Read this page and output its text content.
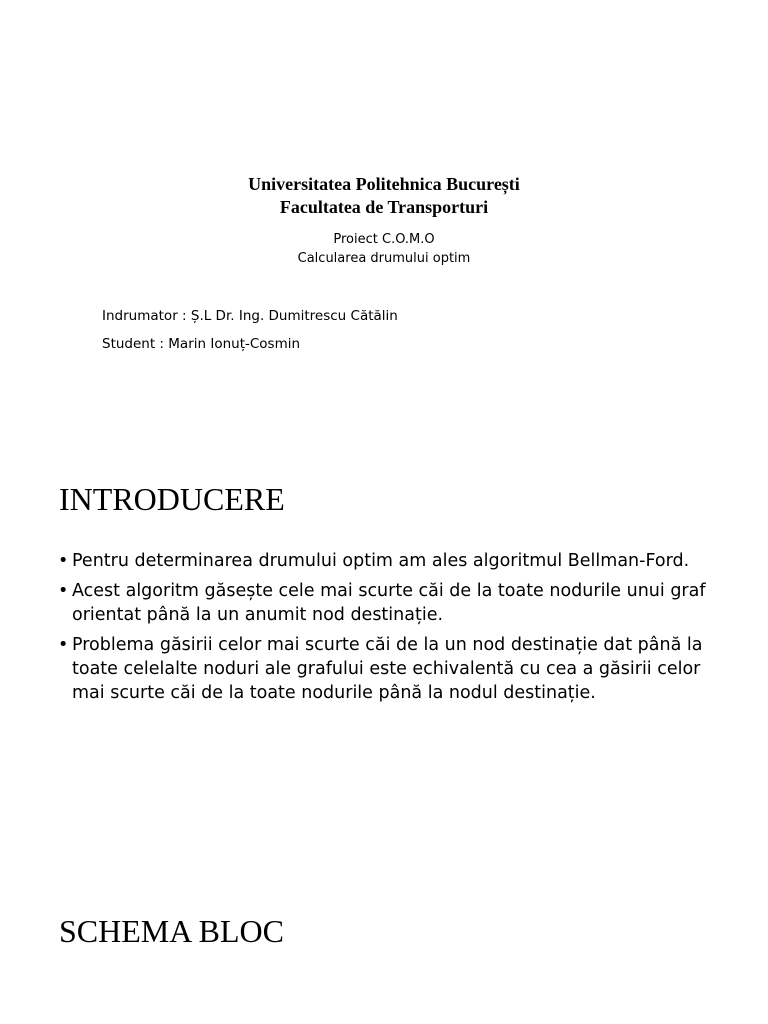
Universitatea Politehnica București
Facultatea de Transporturi
Proiect C.O.M.O
Calcularea drumului optim
Indrumator : Ș.L Dr. Ing. Dumitrescu Cătălin
Student : Marin Ionuț-Cosmin
INTRODUCERE
• Pentru determinarea drumului optim am ales algoritmul Bellman-Ford.
• Acest algoritm găsește cele mai scurte căi de la toate nodurile unui graf orientat până la un anumit nod destinație.
• Problema găsirii celor mai scurte căi de la un nod destinație dat până la toate celelalte noduri ale grafului este echivalentă cu cea a găsirii celor mai scurte căi de la toate nodurile până la nodul destinație.
SCHEMA BLOC
